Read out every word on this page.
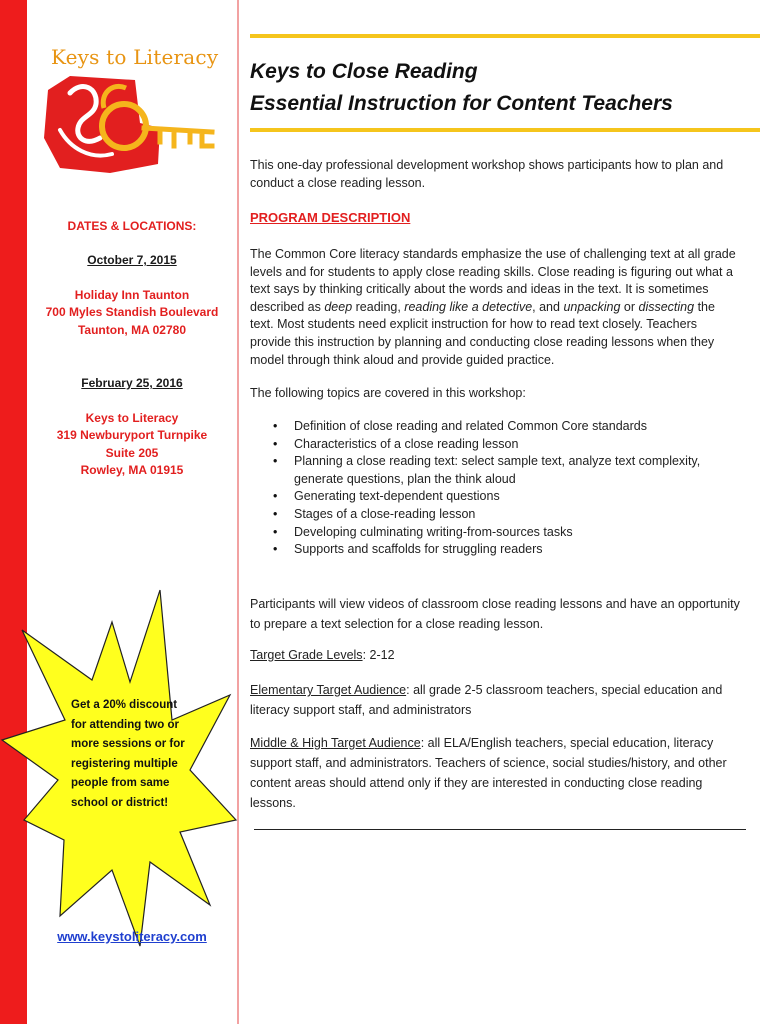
Keys to Literacy
Keys to Close Reading
Essential Instruction for Content Teachers
This one-day professional development workshop shows participants how to plan and conduct a close reading lesson.
DATES & LOCATIONS:
October 7, 2015
Holiday Inn Taunton
700 Myles Standish Boulevard
Taunton, MA 02780
February 25, 2016
Keys to Literacy
319 Newburyport Turnpike
Suite 205
Rowley, MA 01915
Get a 20% discount
for attending two or
more sessions or for
registering multiple
people from same
school or district!
www.keystoliteracy.com
PROGRAM DESCRIPTION
The Common Core literacy standards emphasize the use of challenging text at all grade levels and for students to apply close reading skills. Close reading is figuring out what a text says by thinking critically about the words and ideas in the text. It is sometimes described as deep reading, reading like a detective, and unpacking or dissecting the text. Most students need explicit instruction for how to read text closely. Teachers provide this instruction by planning and conducting close reading lessons when they model through think aloud and provide guided practice.
The following topics are covered in this workshop:
• Definition of close reading and related Common Core standards
• Characteristics of a close reading lesson
• Planning a close reading text: select sample text, analyze text complexity, generate questions, plan the think aloud
• Generating text-dependent questions
• Stages of a close-reading lesson
• Developing culminating writing-from-sources tasks
• Supports and scaffolds for struggling readers
Participants will view videos of classroom close reading lessons and have an opportunity to prepare a text selection for a close reading lesson.
Target Grade Levels: 2-12
Elementary Target Audience: all grade 2-5 classroom teachers, special education and literacy support staff, and administrators
Middle & High Target Audience: all ELA/English teachers, special education, literacy support staff, and administrators. Teachers of science, social studies/history, and other content areas should attend only if they are interested in conducting close reading lessons.
